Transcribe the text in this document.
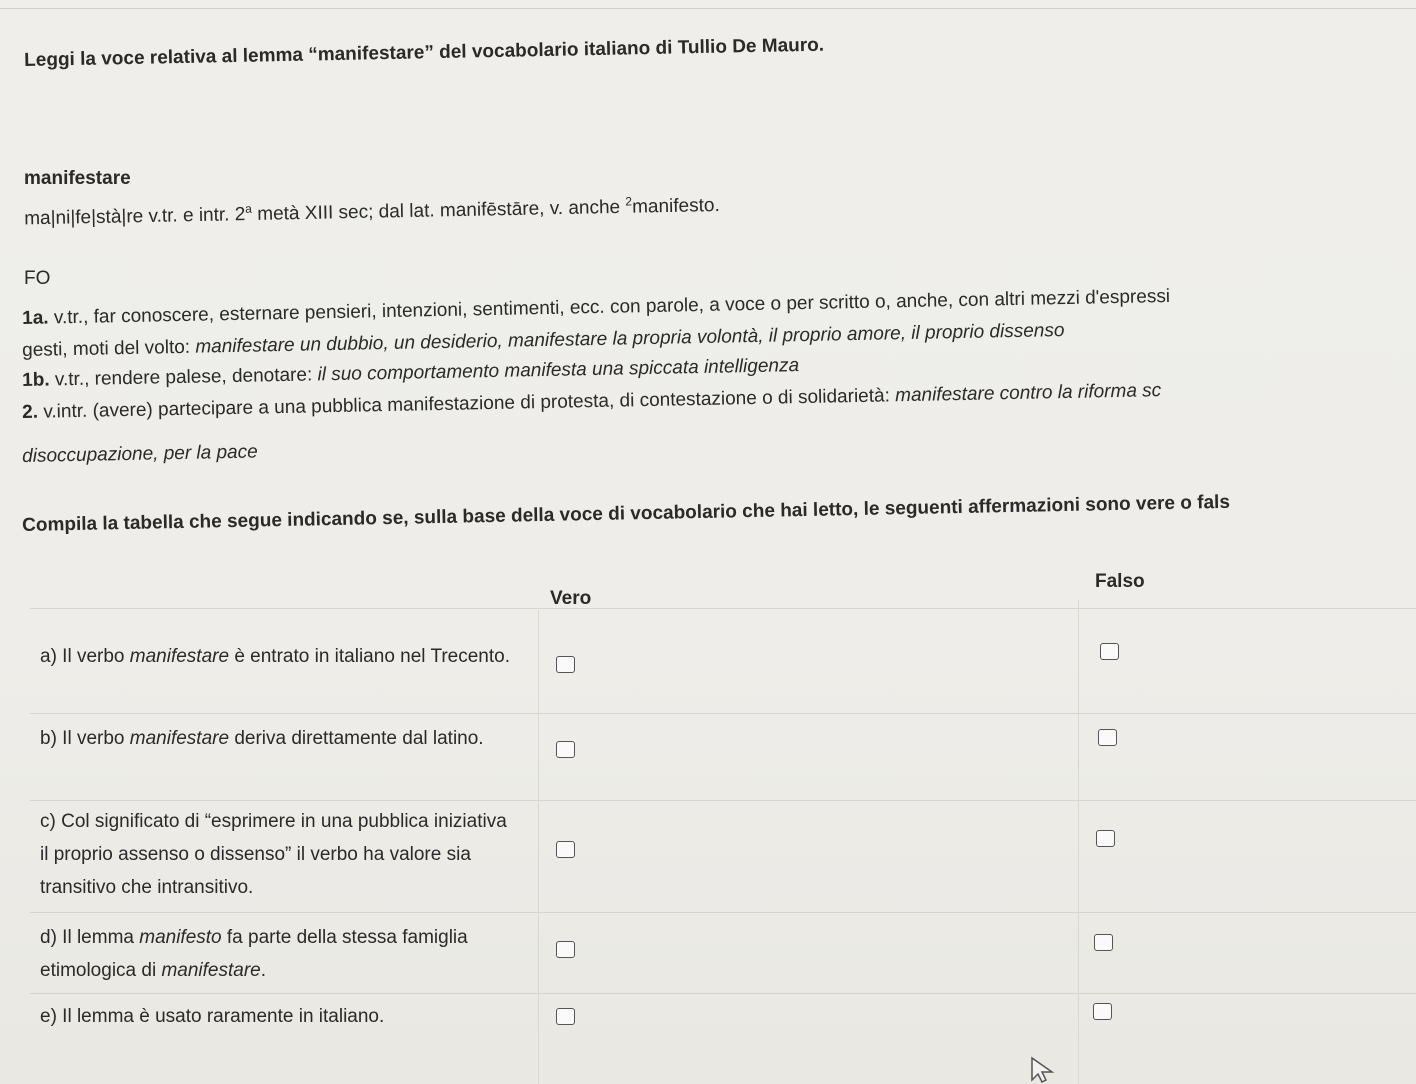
Leggi la voce relativa al lemma “manifestare” del vocabolario italiano di Tullio De Mauro.
manifestare
ma|ni|fe|stà|re v.tr. e intr. 2$^a$ metà XIII sec; dal lat. manifēstāre, v. anche $^2$manifesto.
FO
1a. v.tr., far conoscere, esternare pensieri, intenzioni, sentimenti, ecc. con parole, a voce o per scritto o, anche, con altri mezzi d'espressi
gesti, moti del volto: manifestare un dubbio, un desiderio, manifestare la propria volontà, il proprio amore, il proprio dissenso
1b. v.tr., rendere palese, denotare: il suo comportamento manifesta una spiccata intelligenza
2. v.intr. (avere) partecipare a una pubblica manifestazione di protesta, di contestazione o di solidarietà: manifestare contro la riforma sc
disoccupazione, per la pace
Compila la tabella che segue indicando se, sulla base della voce di vocabolario che hai letto, le seguenti affermazioni sono vere o fals
Vero
Falso
a) Il verbo manifestare è entrato in italiano nel Trecento.
b) Il verbo manifestare deriva direttamente dal latino.
c) Col significato di “esprimere in una pubblica iniziativa il proprio assenso o dissenso” il verbo ha valore sia transitivo che intransitivo.
d) Il lemma manifesto fa parte della stessa famiglia etimologica di manifestare.
e) Il lemma è usato raramente in italiano.
